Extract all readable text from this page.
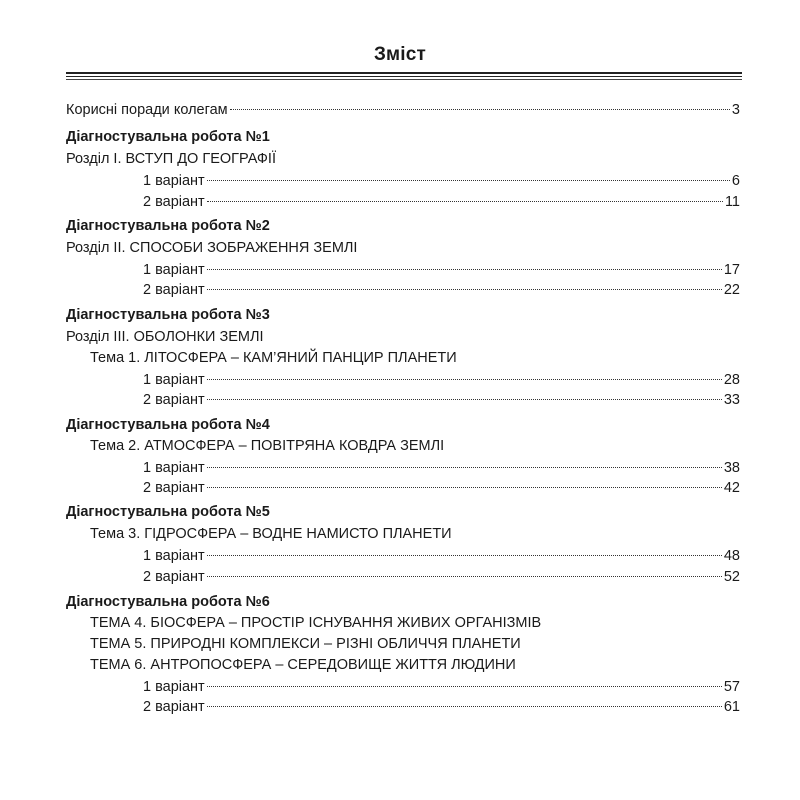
Зміст
Корисні поради колегам	3
Діагностувальна робота №1
Розділ I. ВСТУП ДО ГЕОГРАФІЇ
1 варіант	6
2 варіант	11
Діагностувальна робота №2
Розділ II. СПОСОБИ ЗОБРАЖЕННЯ ЗЕМЛІ
1 варіант	17
2 варіант	22
Діагностувальна робота №3
Розділ III. ОБОЛОНКИ ЗЕМЛІ
Тема 1. ЛІТОСФЕРА – КАМ’ЯНИЙ ПАНЦИР ПЛАНЕТИ
1 варіант	28
2 варіант	33
Діагностувальна робота №4
Тема 2. АТМОСФЕРА – ПОВІТРЯНА КОВДРА ЗЕМЛІ
1 варіант	38
2 варіант	42
Діагностувальна робота №5
Тема 3. ГІДРОСФЕРА – ВОДНЕ НАМИСТО ПЛАНЕТИ
1 варіант	48
2 варіант	52
Діагностувальна робота №6
ТЕМА 4. БІОСФЕРА – ПРОСТІР ІСНУВАННЯ ЖИВИХ ОРГАНІЗМІВ
ТЕМА 5. ПРИРОДНІ КОМПЛЕКСИ – РІЗНІ ОБЛИЧЧЯ ПЛАНЕТИ
ТЕМА 6. АНТРОПОСФЕРА – СЕРЕДОВИЩЕ ЖИТТЯ ЛЮДИНИ
1 варіант	57
2 варіант	61
